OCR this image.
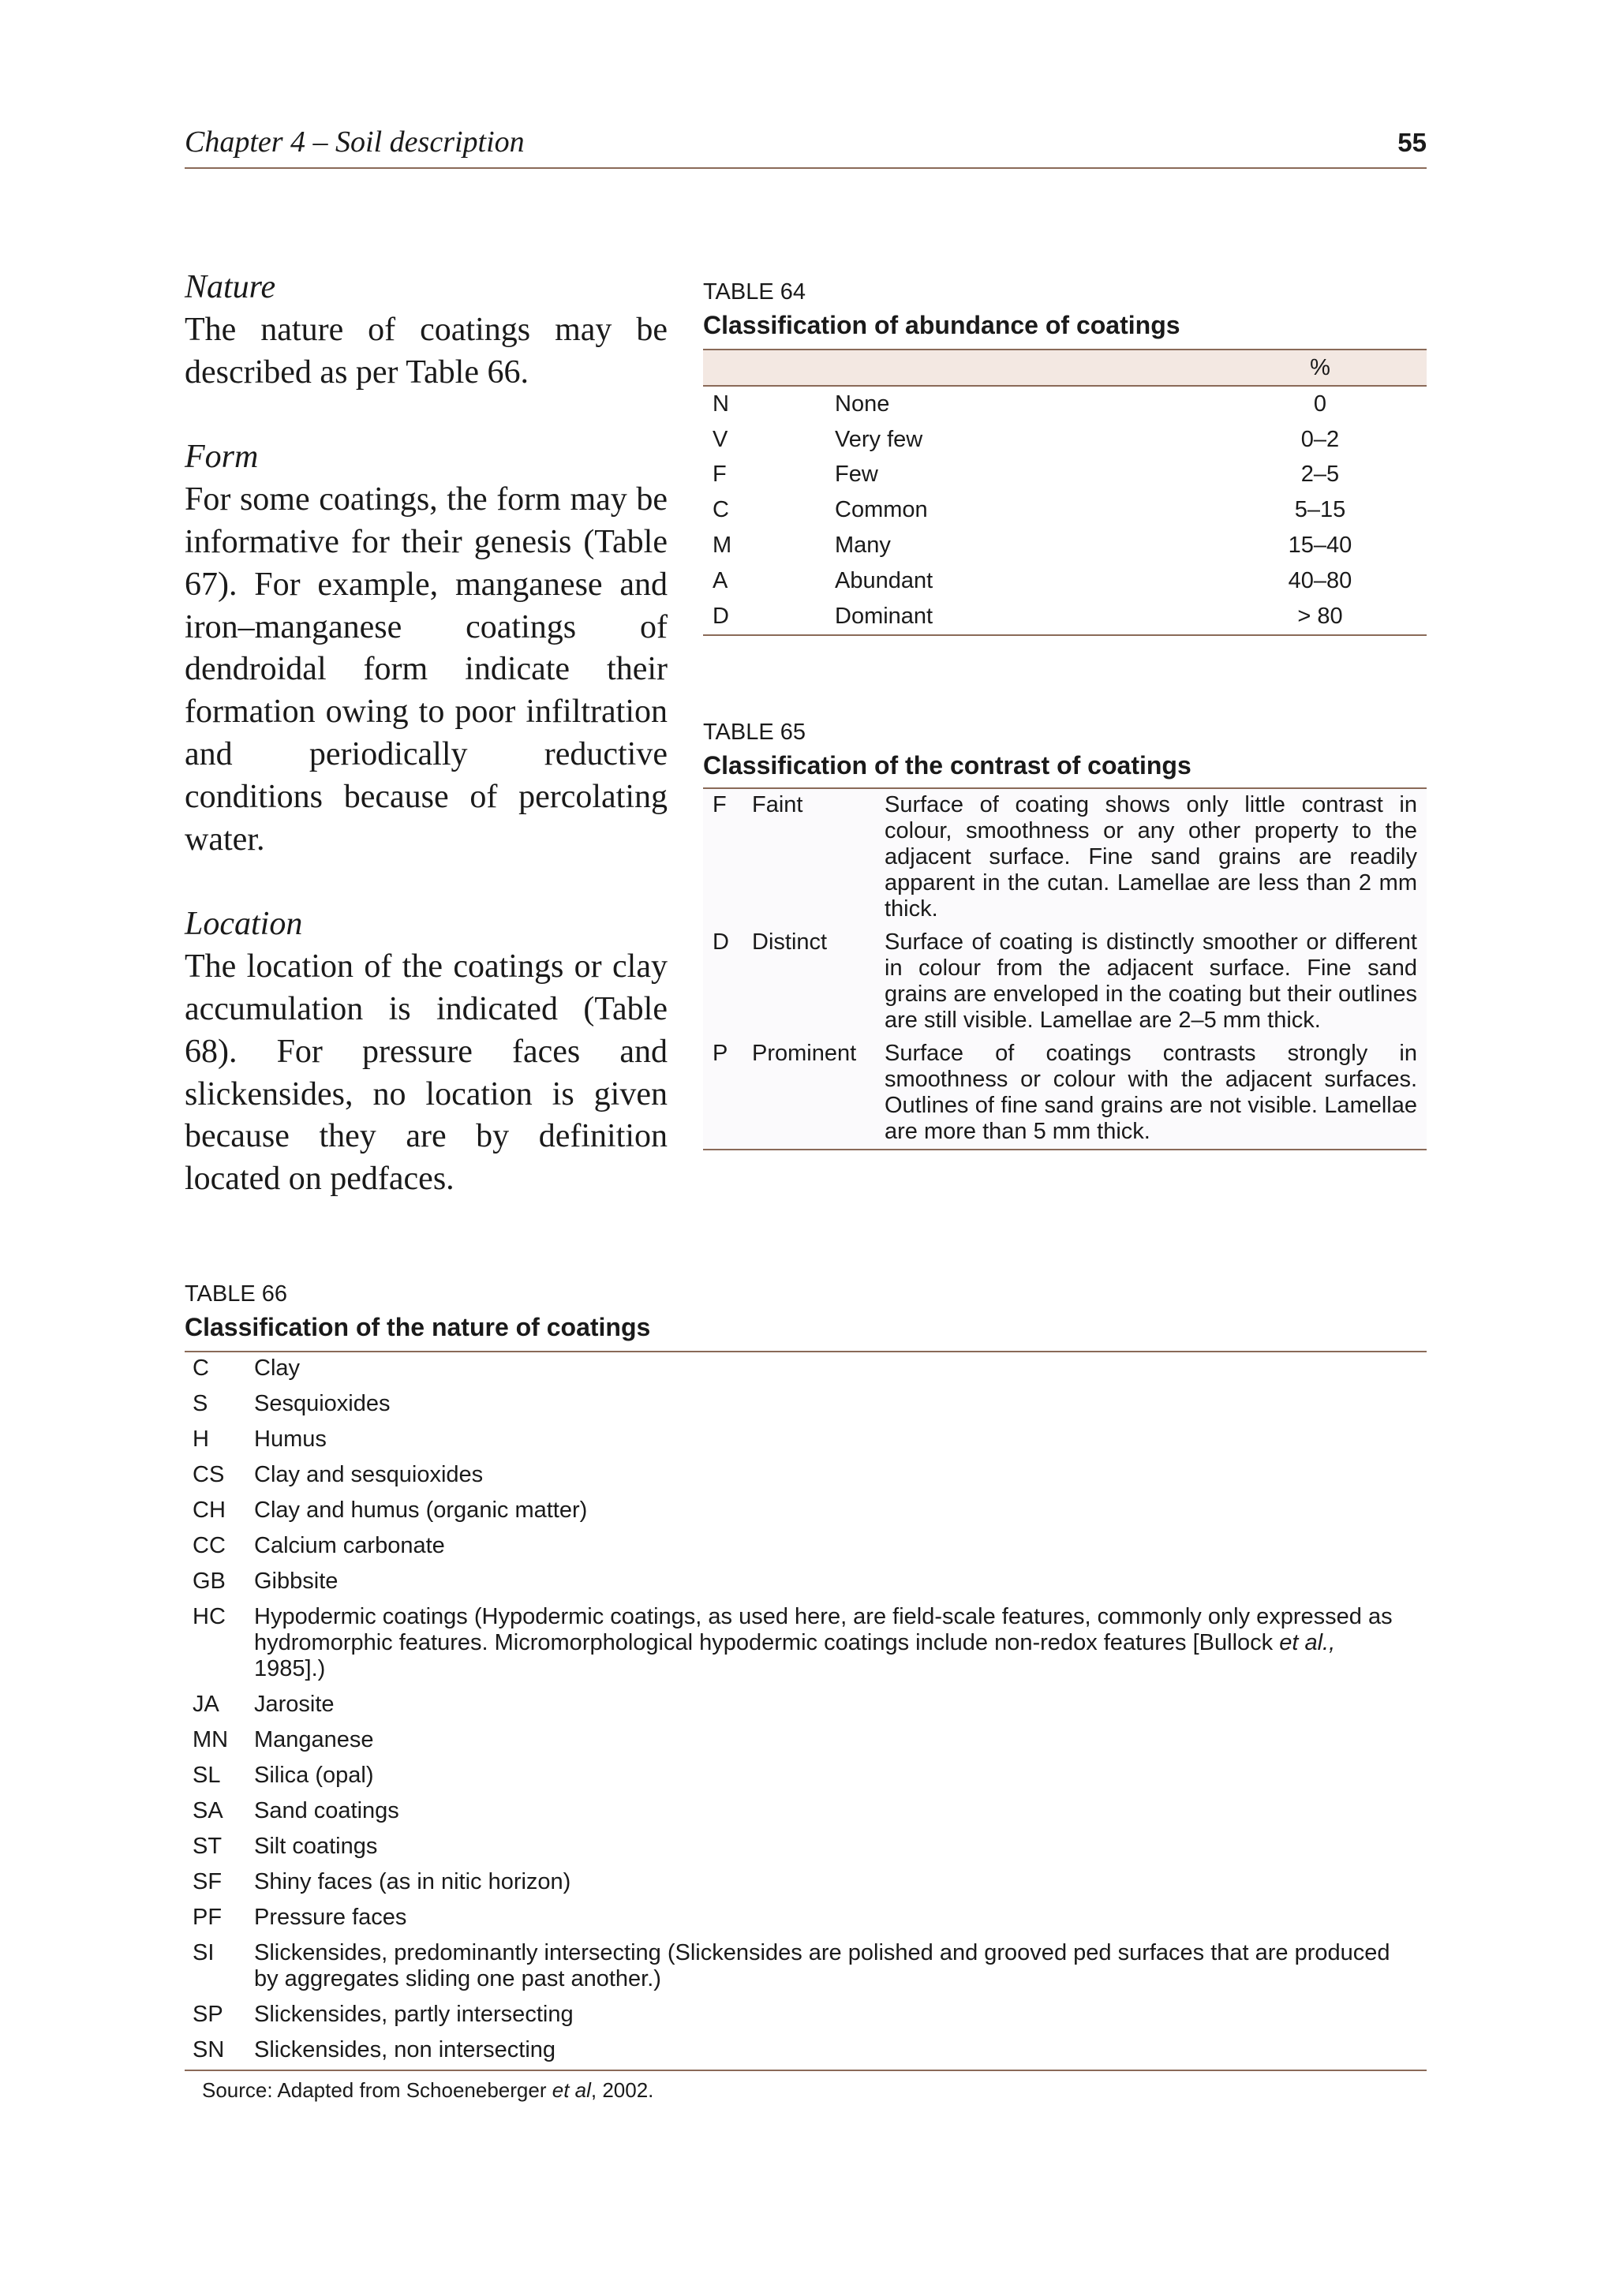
Chapter 4 – Soil description	55
Nature

The nature of coatings may be described as per Table 66.

Form

For some coatings, the form may be informative for their genesis (Table 67). For example, manganese and iron–manganese coatings of dendroidal form indicate their formation owing to poor infiltration and periodically reductive conditions because of percolating water.

Location

The location of the coatings or clay accumulation is indicated (Table 68). For pressure faces and slickensides, no location is given because they are by definition located on pedfaces.

TABLE 64
Classification of abundance of coatings
		%
N	None	0
V	Very few	0–2
F	Few	2–5
C	Common	5–15
M	Many	15–40
A	Abundant	40–80
D	Dominant	> 80
TABLE 65
Classification of the contrast of coatings
F	Faint	Surface of coating shows only little contrast in colour, smoothness or any other property to the adjacent surface. Fine sand grains are readily apparent in the cutan. Lamellae are less than 2 mm thick.
D	Distinct	Surface of coating is distinctly smoother or different in colour from the adjacent surface. Fine sand grains are enveloped in the coating but their outlines are still visible. Lamellae are 2–5 mm thick.
P	Prominent	Surface of coatings contrasts strongly in smoothness or colour with the adjacent surfaces. Outlines of fine sand grains are not visible. Lamellae are more than 5 mm thick.
TABLE 66
Classification of the nature of coatings
C	Clay
S	Sesquioxides
H	Humus
CS	Clay and sesquioxides
CH	Clay and humus (organic matter)
CC	Calcium carbonate
GB	Gibbsite
HC	Hypodermic coatings (Hypodermic coatings, as used here, are field-scale features, commonly only expressed as hydromorphic features. Micromorphological hypodermic coatings include non-redox features [Bullock et al., 1985].)
JA	Jarosite
MN	Manganese
SL	Silica (opal)
SA	Sand coatings
ST	Silt coatings
SF	Shiny faces (as in nitic horizon)
PF	Pressure faces
SI	Slickensides, predominantly intersecting (Slickensides are polished and grooved ped surfaces that are produced by aggregates sliding one past another.)
SP	Slickensides, partly intersecting
SN	Slickensides, non intersecting
Source: Adapted from Schoeneberger et al, 2002.
